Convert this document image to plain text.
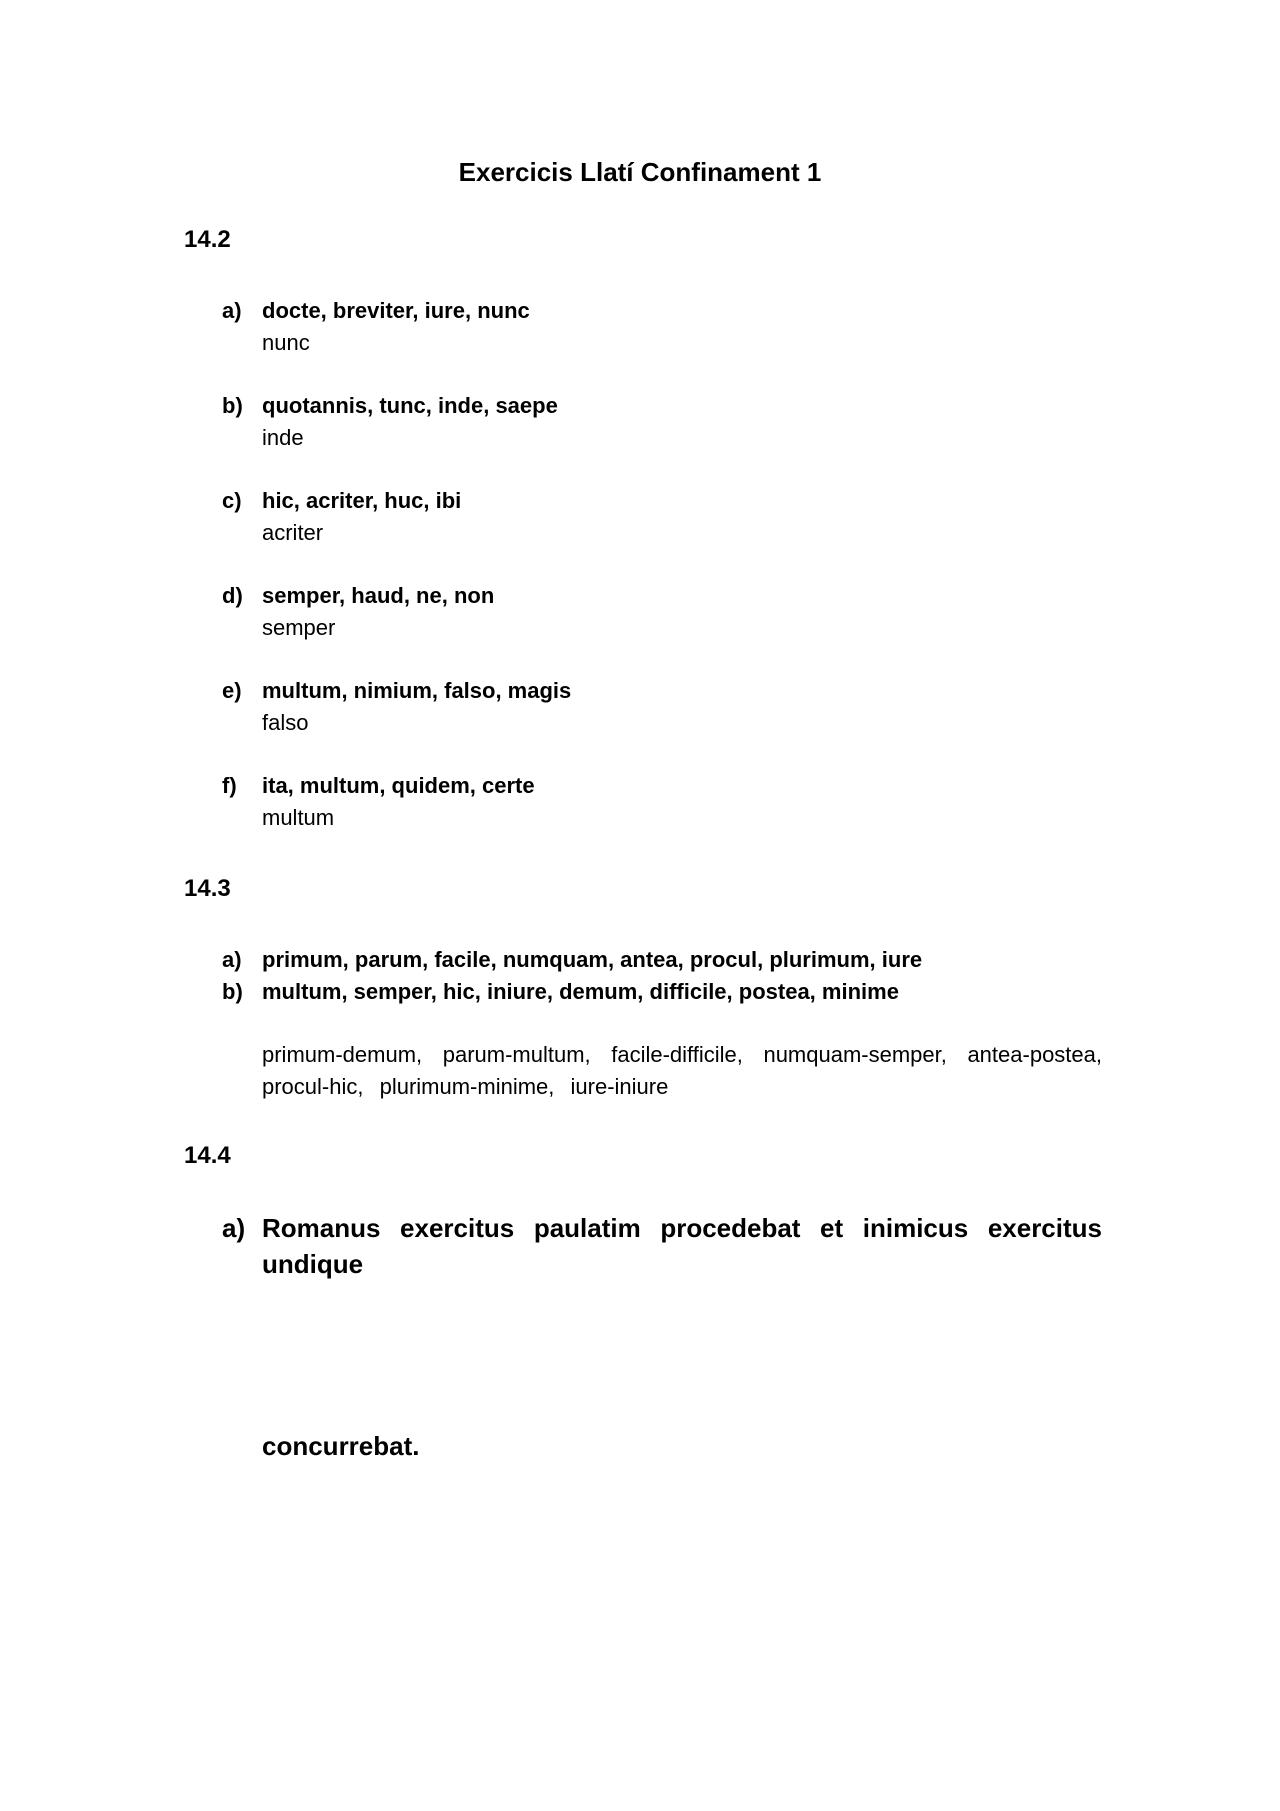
Exercicis Llatí Confinament 1
14.2
a) docte, breviter, iure, nunc
nunc
b) quotannis, tunc, inde, saepe
inde
c) hic, acriter, huc, ibi
acriter
d) semper, haud, ne, non
semper
e) multum, nimium, falso, magis
falso
f) ita, multum, quidem, certe
multum
14.3
a) primum, parum, facile, numquam, antea, procul, plurimum, iure
b) multum, semper, hic, iniure, demum, difficile, postea, minime
primum-demum, parum-multum, facile-difficile, numquam-semper, antea-postea, procul-hic, plurimum-minime, iure-iniure
14.4
a) Romanus exercitus paulatim procedebat et inimicus exercitus undique
concurrebat.
